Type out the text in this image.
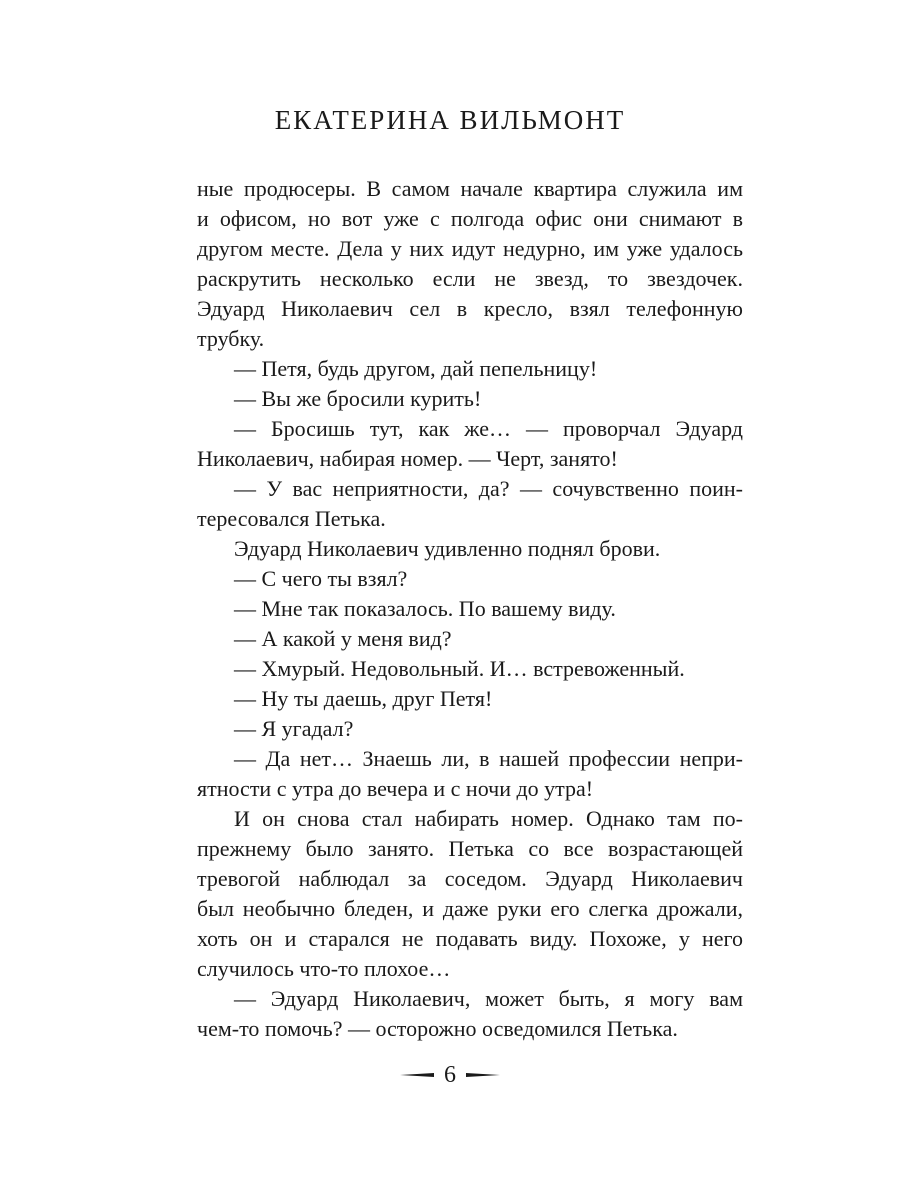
ЕКАТЕРИНА ВИЛЬМОНТ
ные продюсеры. В самом начале квартира служила им
и офисом, но вот уже с полгода офис они снимают в
другом месте. Дела у них идут недурно, им уже удалось
раскрутить несколько если не звезд, то звездочек.
Эдуард Николаевич сел в кресло, взял телефонную
трубку.
— Петя, будь другом, дай пепельницу!
— Вы же бросили курить!
— Бросишь тут, как же… — проворчал Эдуард
Николаевич, набирая номер. — Черт, занято!
— У вас неприятности, да? — сочувственно поин-
тересовался Петька.
Эдуард Николаевич удивленно поднял брови.
— С чего ты взял?
— Мне так показалось. По вашему виду.
— А какой у меня вид?
— Хмурый. Недовольный. И… встревоженный.
— Ну ты даешь, друг Петя!
— Я угадал?
— Да нет… Знаешь ли, в нашей профессии непри-
ятности с утра до вечера и с ночи до утра!
И он снова стал набирать номер. Однако там по-
прежнему было занято. Петька со все возрастающей
тревогой наблюдал за соседом. Эдуард Николаевич
был необычно бледен, и даже руки его слегка дрожали,
хоть он и старался не подавать виду. Похоже, у него
случилось что-то плохое…
— Эдуард Николаевич, может быть, я могу вам
чем-то помочь? — осторожно осведомился Петька.
6
